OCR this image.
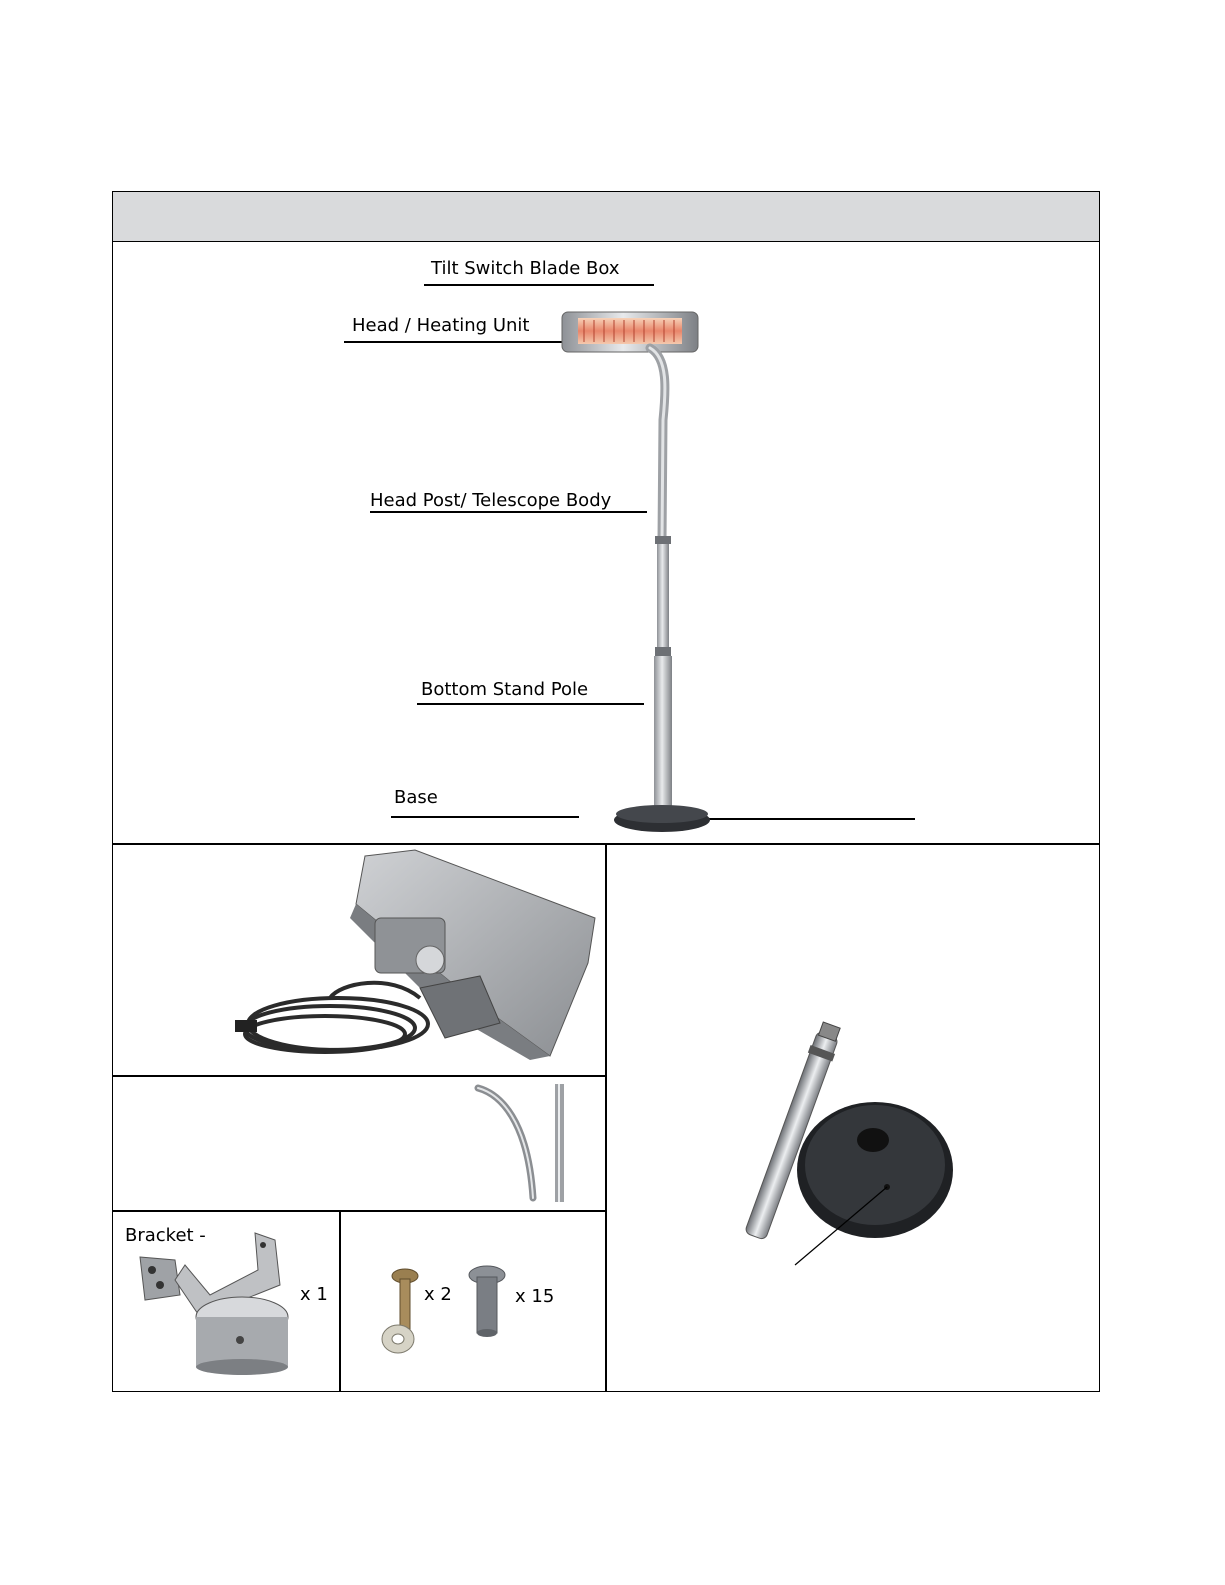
Tilt Switch Blade Box
Head / Heating Unit
Head Post/ Telescope Body
Bottom Stand Pole
Base
Bracket -
x 1	x 2	x 15
